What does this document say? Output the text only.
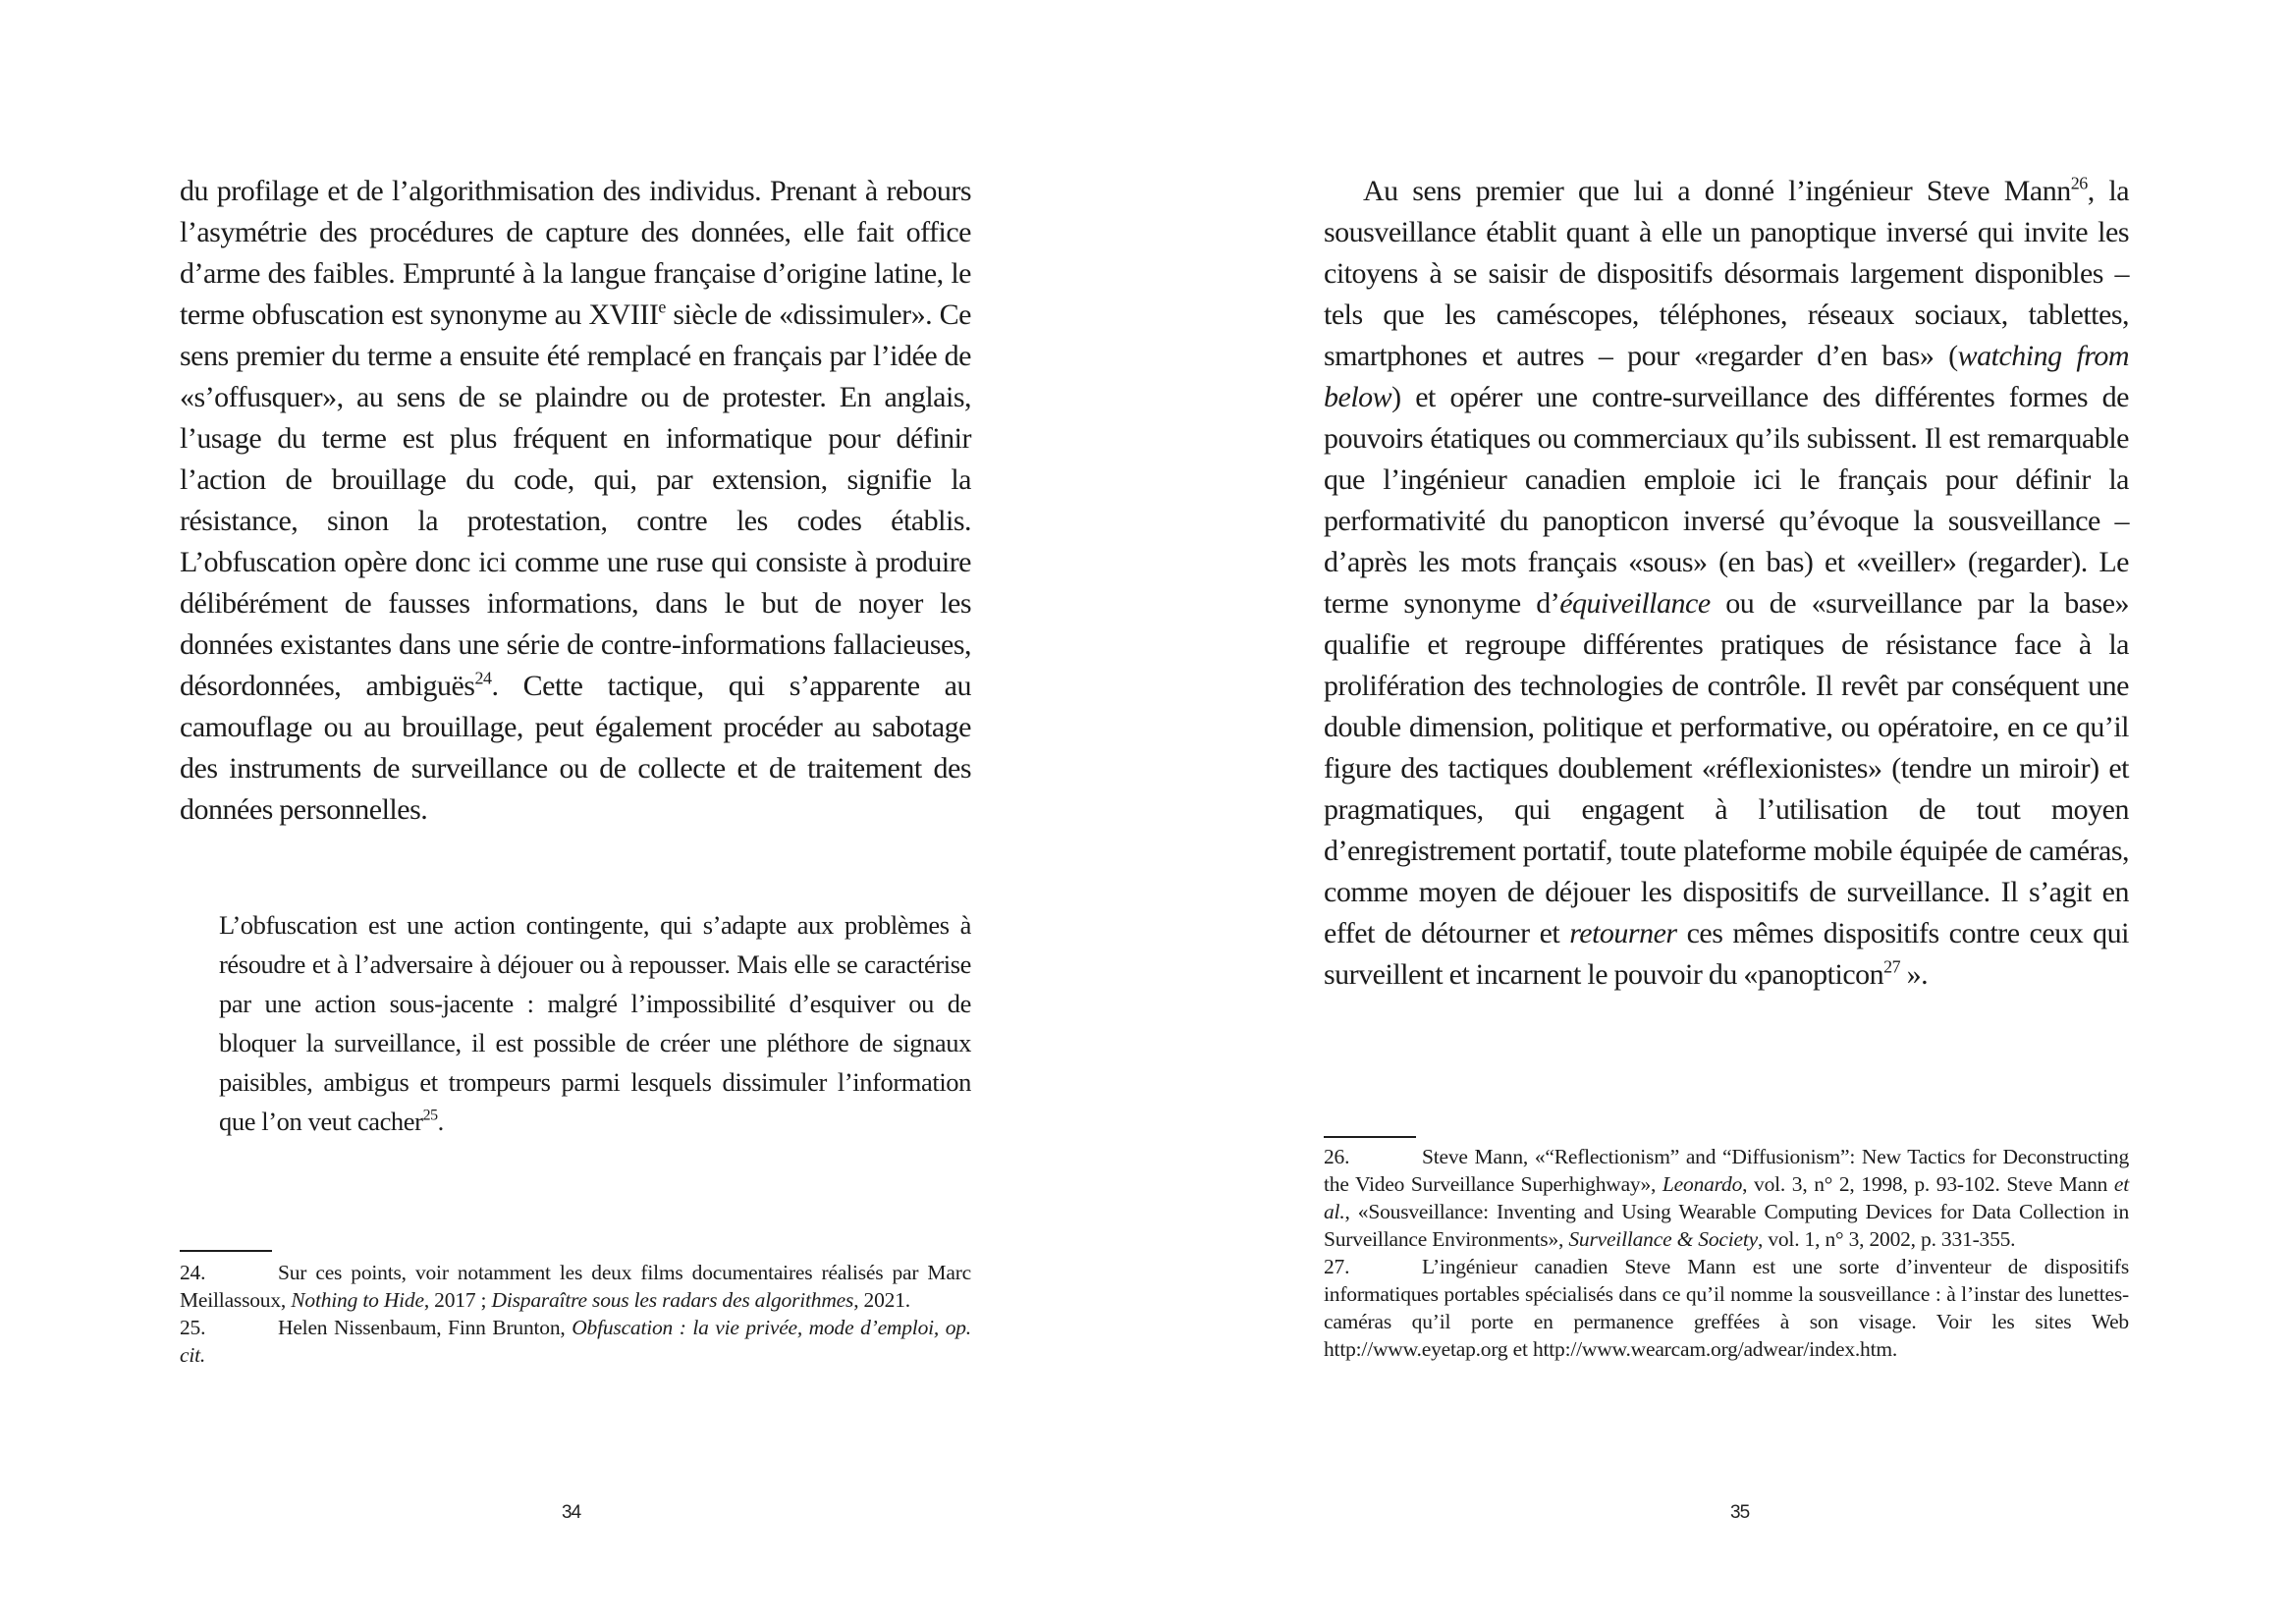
du profilage et de l’algorithmisation des individus. Prenant à rebours l’asymétrie des procédures de capture des données, elle fait office d’arme des faibles. Emprunté à la langue française d’origine latine, le terme obfuscation est synonyme au XVIIIe siècle de «dissimuler». Ce sens premier du terme a ensuite été remplacé en français par l’idée de «s’offusquer», au sens de se plaindre ou de protester. En anglais, l’usage du terme est plus fréquent en informatique pour définir l’action de brouillage du code, qui, par extension, signifie la résistance, sinon la protestation, contre les codes établis. L’obfuscation opère donc ici comme une ruse qui consiste à produire délibérément de fausses informations, dans le but de noyer les données existantes dans une série de contre-informations fallacieuses, désordonnées, ambiguës$^{24}$. Cette tactique, qui s’apparente au camouflage ou au brouillage, peut également procéder au sabotage des instruments de surveillance ou de collecte et de traitement des données personnelles.

L’obfuscation est une action contingente, qui s’adapte aux problèmes à résoudre et à l’adversaire à déjouer ou à repousser. Mais elle se caractérise par une action sous-jacente : malgré l’impossibilité d’esquiver ou de bloquer la surveillance, il est possible de créer une pléthore de signaux paisibles, ambigus et trompeurs parmi lesquels dissimuler l’information que l’on veut cacher$^{25}$.

24.	Sur ces points, voir notamment les deux films documentaires réalisés par Marc Meillassoux, Nothing to Hide, 2017 ; Disparaître sous les radars des algorithmes, 2021.

25.	Helen Nissenbaum, Finn Brunton, Obfuscation : la vie privée, mode d’emploi, op. cit.

34

Au sens premier que lui a donné l’ingénieur Steve Mann$^{26}$, la sousveillance établit quant à elle un panoptique inversé qui invite les citoyens à se saisir de dispositifs désormais largement disponibles – tels que les caméscopes, téléphones, réseaux sociaux, tablettes, smartphones et autres – pour «regarder d’en bas» (watching from below) et opérer une contre-surveillance des différentes formes de pouvoirs étatiques ou commerciaux qu’ils subissent. Il est remarquable que l’ingénieur canadien emploie ici le français pour définir la performativité du panopticon inversé qu’évoque la sousveillance – d’après les mots français «sous» (en bas) et «veiller» (regarder). Le terme synonyme d’équiveillance ou de «surveillance par la base» qualifie et regroupe différentes pratiques de résistance face à la prolifération des technologies de contrôle. Il revêt par conséquent une double dimension, politique et performative, ou opératoire, en ce qu’il figure des tactiques doublement «réflexionistes» (tendre un miroir) et pragmatiques, qui engagent à l’utilisation de tout moyen d’enregistrement portatif, toute plateforme mobile équipée de caméras, comme moyen de déjouer les dispositifs de surveillance. Il s’agit en effet de détourner et retourner ces mêmes dispositifs contre ceux qui surveillent et incarnent le pouvoir du «panopticon$^{27}$ ».

26.	Steve Mann, «“Reflectionism” and “Diffusionism”: New Tactics for Deconstructing the Video Surveillance Superhighway», Leonardo, vol. 3, n° 2, 1998, p. 93-102. Steve Mann et al., «Sousveillance: Inventing and Using Wearable Computing Devices for Data Collection in Surveillance Environments», Surveillance & Society, vol. 1, n° 3, 2002, p. 331-355.

27.	L’ingénieur canadien Steve Mann est une sorte d’inventeur de dispositifs informatiques portables spécialisés dans ce qu’il nomme la sousveillance : à l’instar des lunettes-caméras qu’il porte en permanence greffées à son visage. Voir les sites Web http://www.eyetap.org et http://www.wearcam.org/adwear/index.htm.

35
